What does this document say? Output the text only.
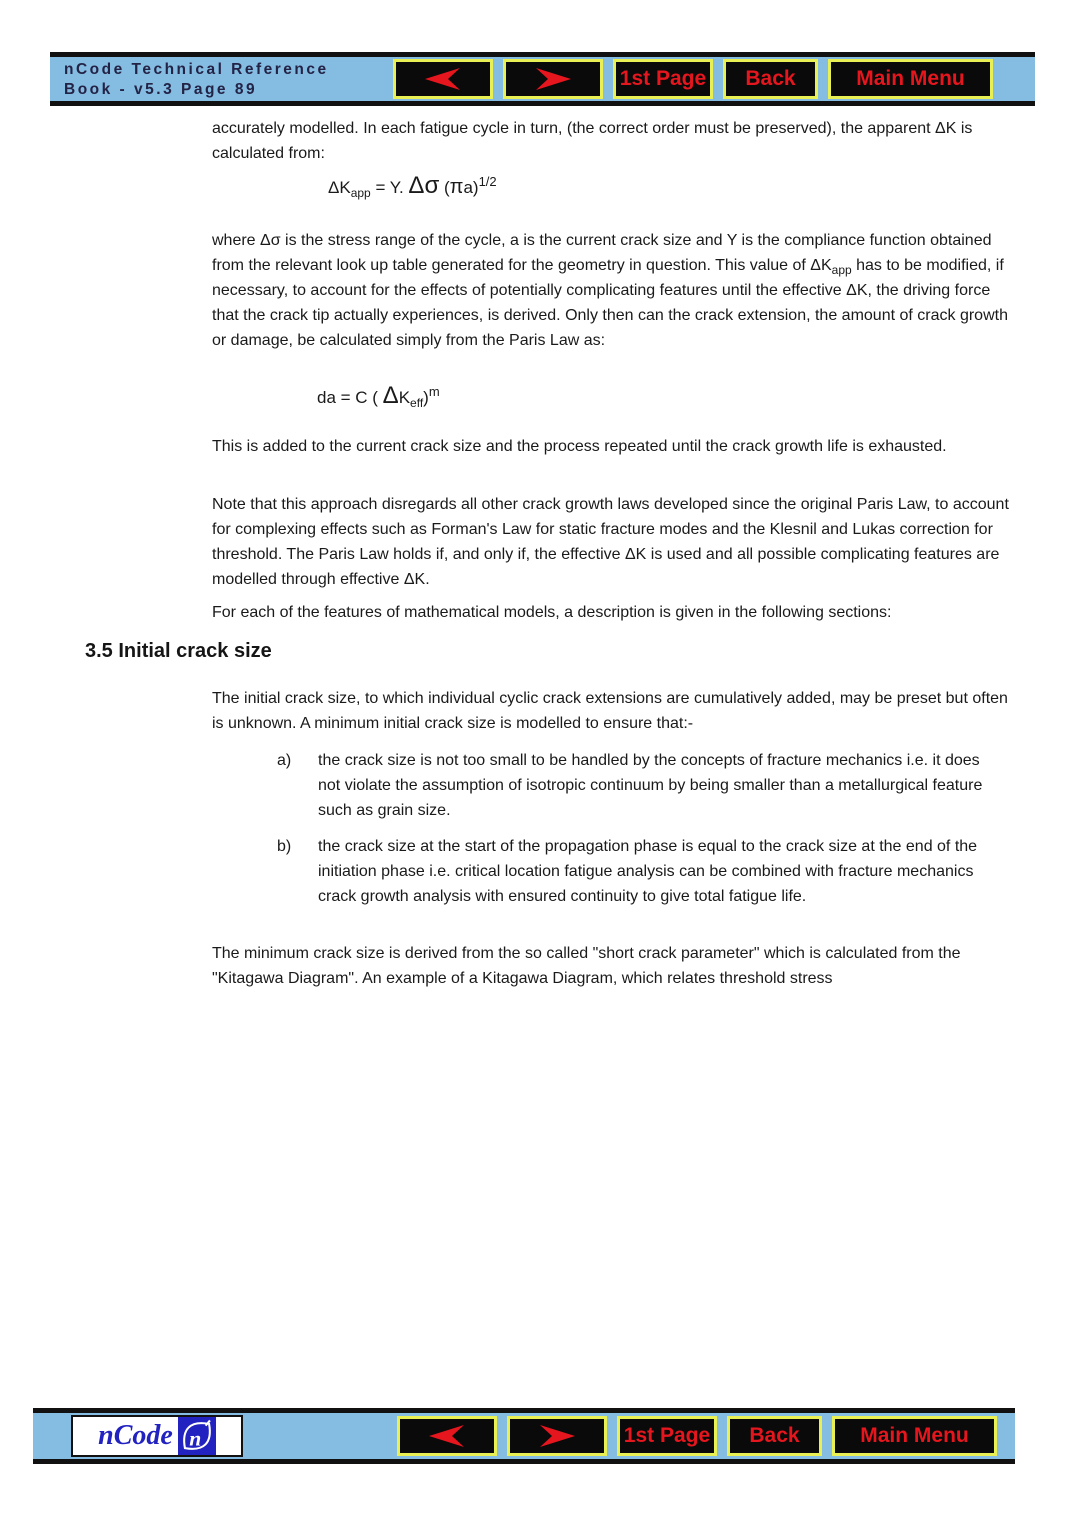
nCode Technical Reference
Book - v5.3 Page 89	1st Page Back	Main Menu
accurately modelled. In each fatigue cycle in turn, (the correct order must be preserved), the apparent ΔK is calculated from:
$\Delta K_{app} = Y$. Δσ $(\pi a)^{1/2}$
where Δσ is the stress range of the cycle, a is the current crack size and Y is the compliance function obtained from the relevant look up table generated for the geometry in question. This value of $\Delta K_{app}$ has to be modified, if necessary, to account for the effects of potentially complicating features until the effective ΔK, the driving force that the crack tip actually experiences, is derived. Only then can the crack extension, the amount of crack growth or damage, be calculated simply from the Paris Law as:
da = C ( $\Delta K_{eff})^m$
This is added to the current crack size and the process repeated until the crack growth life is exhausted.
Note that this approach disregards all other crack growth laws developed since the original Paris Law, to account for complexing effects such as Forman's Law for static fracture modes and the Klesnil and Lukas correction for threshold. The Paris Law holds if, and only if, the effective ΔK is used and all possible complicating features are modelled through effective ΔK.
For each of the features of mathematical models, a description is given in the following sections:
3.5 Initial crack size
The initial crack size, to which individual cyclic crack extensions are cumulatively added, may be preset but often is unknown. A minimum initial crack size is modelled to ensure that:-
a) the crack size is not too small to be handled by the concepts of fracture mechanics i.e. it does not violate the assumption of isotropic continuum by being smaller than a metallurgical feature such as grain size.
b) the crack size at the start of the propagation phase is equal to the crack size at the end of the initiation phase i.e. critical location fatigue analysis can be combined with fracture mechanics crack growth analysis with ensured continuity to give total fatigue life.
The minimum crack size is derived from the so called "short crack parameter" which is calculated from the "Kitagawa Diagram". An example of a Kitagawa Diagram, which relates threshold stress
nCode n	1st Page Back	Main Menu
